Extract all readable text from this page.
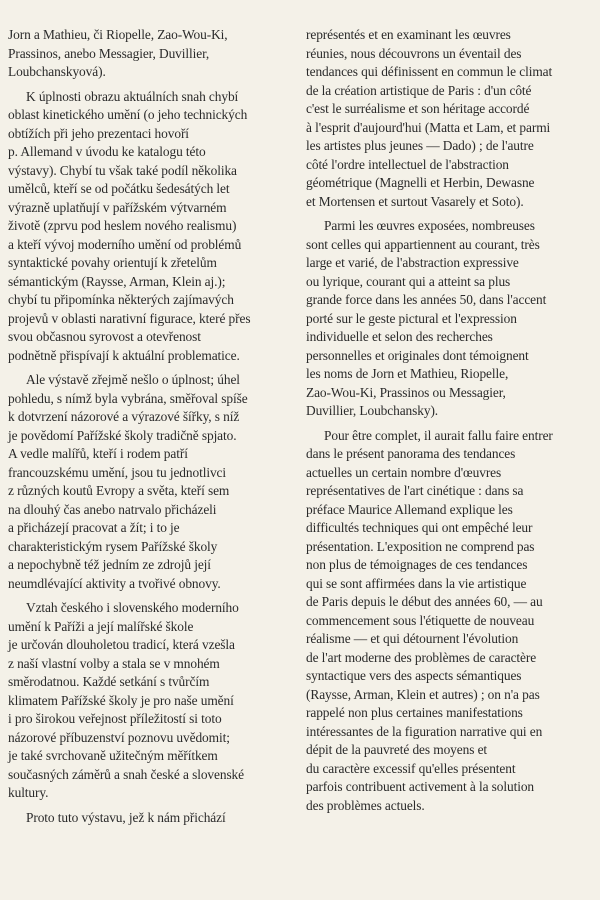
Jorn a Mathieu, či Riopelle, Zao-Wou-Ki,
Prassinos, anebo Messagier, Duvillier,
Loubchanskyová).

K úplnosti obrazu aktuálních snah chybí
oblast kinetického umění (o jeho technických
obtížích při jeho prezentaci hovoří
p. Allemand v úvodu ke katalogu této
výstavy). Chybí tu však také podíl několika
umělců, kteří se od počátku šedesátých let
výrazně uplatňují v pařížském výtvarném
životě (zprvu pod heslem nového realismu)
a kteří vývoj moderního umění od problémů
syntaktické povahy orientují k zřetelům
sémantickým (Raysse, Arman, Klein aj.);
chybí tu připomínka některých zajímavých
projevů v oblasti narativní figurace, které přes
svou občasnou syrovost a otevřenost
podnětně přispívají k aktuální problematice.

Ale výstavě zřejmě nešlo o úplnost; úhel
pohledu, s nímž byla vybrána, směřoval spíše
k dotvrzení názorové a výrazové šířky, s níž
je povědomí Pařížské školy tradičně spjato.
A vedle malířů, kteří i rodem patří
francouzskému umění, jsou tu jednotlivci
z různých koutů Evropy a světa, kteří sem
na dlouhý čas anebo natrvalo přicházeli
a přicházejí pracovat a žít; i to je
charakteristickým rysem Pařížské školy
a nepochybně též jedním ze zdrojů její
neumdlévající aktivity a tvořivé obnovy.

Vztah českého i slovenského moderního
umění k Paříži a její malířské škole
je určován dlouholetou tradicí, která vzešla
z naší vlastní volby a stala se v mnohém
směrodatnou. Každé setkání s tvůrčím
klimatem Pařížské školy je pro naše umění
i pro širokou veřejnost příležitostí si toto
názorové příbuzenství poznovu uvědomit;
je také svrchovaně užitečným měřítkem
současných záměrů a snah české a slovenské
kultury.

Proto tuto výstavu, jež k nám přichází

représentés et en examinant les œuvres
réunies, nous découvrons un éventail des
tendances qui définissent en commun le climat
de la création artistique de Paris : d'un côté
c'est le surréalisme et son héritage accordé
à l'esprit d'aujourd'hui (Matta et Lam, et parmi
les artistes plus jeunes — Dado) ; de l'autre
côté l'ordre intellectuel de l'abstraction
géométrique (Magnelli et Herbin, Dewasne
et Mortensen et surtout Vasarely et Soto).

Parmi les œuvres exposées, nombreuses
sont celles qui appartiennent au courant, très
large et varié, de l'abstraction expressive
ou lyrique, courant qui a atteint sa plus
grande force dans les années 50, dans l'accent
porté sur le geste pictural et l'expression
individuelle et selon des recherches
personnelles et originales dont témoignent
les noms de Jorn et Mathieu, Riopelle,
Zao-Wou-Ki, Prassinos ou Messagier,
Duvillier, Loubchansky).

Pour être complet, il aurait fallu faire entrer
dans le présent panorama des tendances
actuelles un certain nombre d'œuvres
représentatives de l'art cinétique : dans sa
préface Maurice Allemand explique les
difficultés techniques qui ont empêché leur
présentation. L'exposition ne comprend pas
non plus de témoignages de ces tendances
qui se sont affirmées dans la vie artistique
de Paris depuis le début des années 60, — au
commencement sous l'étiquette de nouveau
réalisme — et qui détournent l'évolution
de l'art moderne des problèmes de caractère
syntactique vers des aspects sémantiques
(Raysse, Arman, Klein et autres) ; on n'a pas
rappelé non plus certaines manifestations
intéressantes de la figuration narrative qui en
dépit de la pauvreté des moyens et
du caractère excessif qu'elles présentent
parfois contribuent activement à la solution
des problèmes actuels.
